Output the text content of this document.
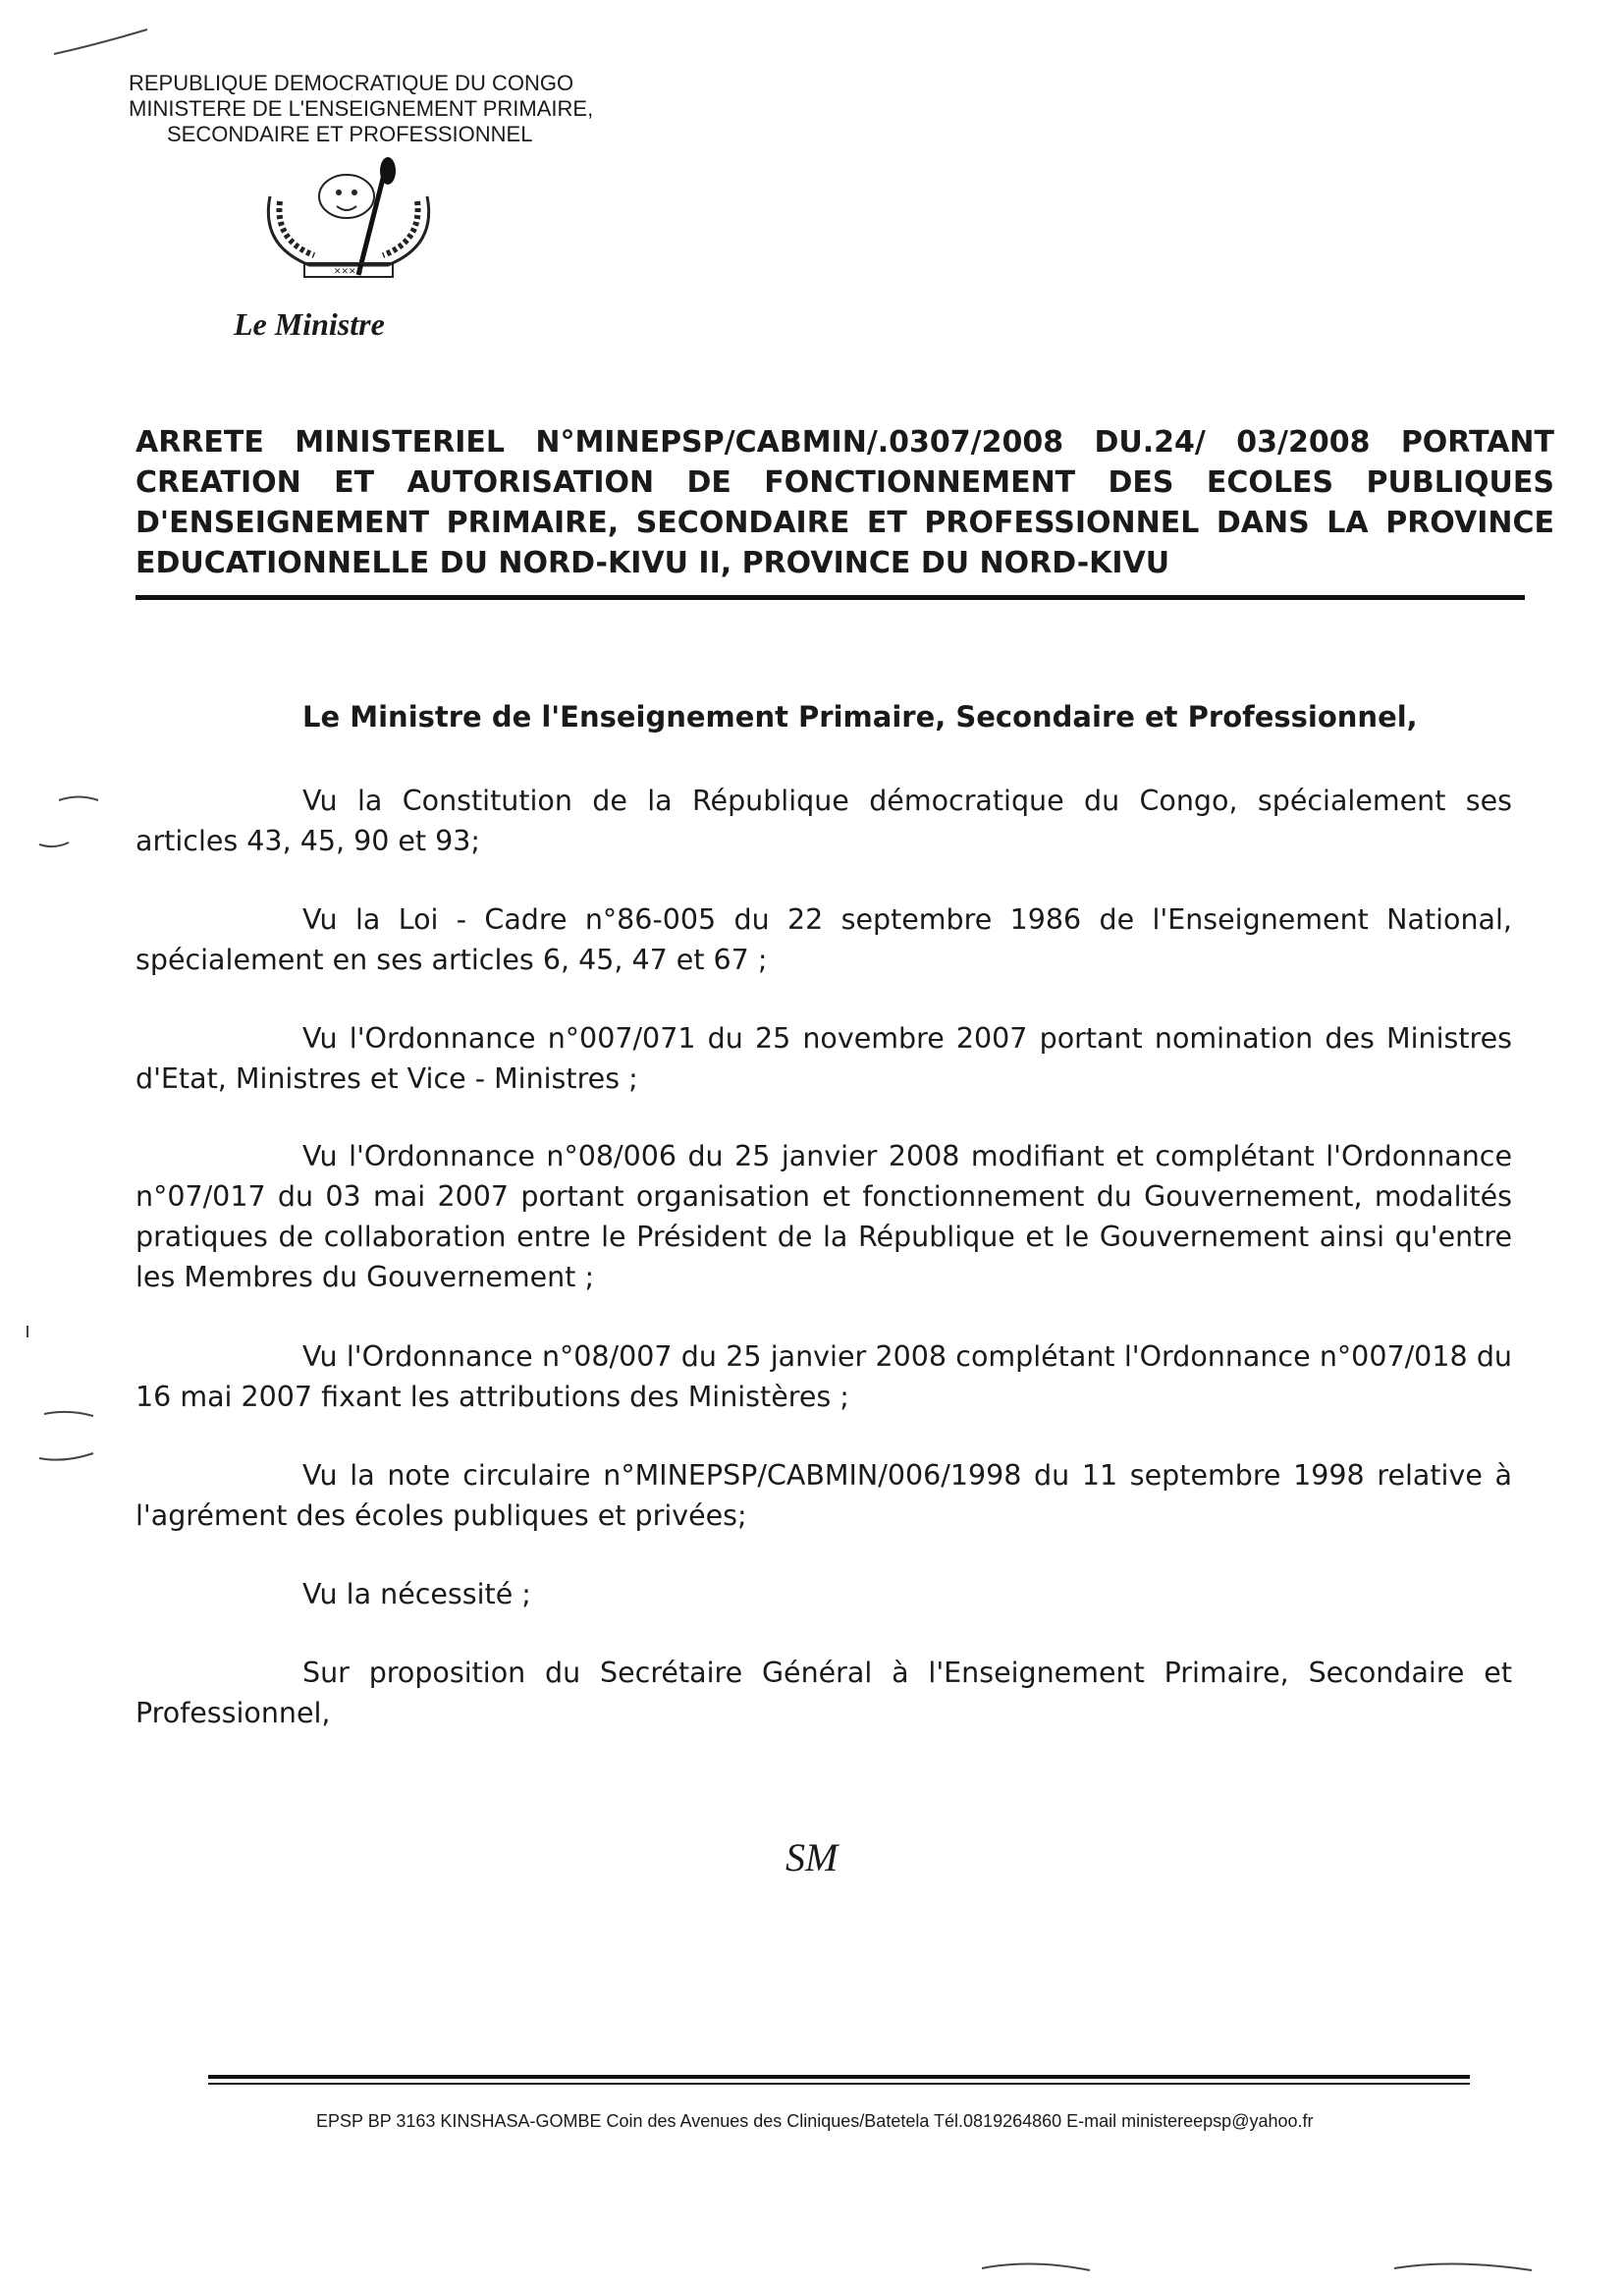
REPUBLIQUE DEMOCRATIQUE DU CONGO
MINISTERE DE L'ENSEIGNEMENT PRIMAIRE,
SECONDAIRE ET PROFESSIONNEL
✕✕✕✕
Le Ministre
ARRETE MINISTERIEL N°MINEPSP/CABMIN/.0307/2008 DU.24/ 03/2008 PORTANT CREATION ET AUTORISATION DE FONCTIONNEMENT DES ECOLES PUBLIQUES D'ENSEIGNEMENT PRIMAIRE, SECONDAIRE ET PROFESSIONNEL DANS LA PROVINCE EDUCATIONNELLE DU NORD-KIVU II, PROVINCE DU NORD-KIVU
Le Ministre de l'Enseignement Primaire, Secondaire et Professionnel,

Vu la Constitution de la République démocratique du Congo, spécialement ses articles 43, 45, 90 et 93;

Vu la Loi - Cadre n°86-005 du 22 septembre 1986 de l'Enseignement National, spécialement en ses articles 6, 45, 47 et 67 ;

Vu l'Ordonnance n°007/071 du 25 novembre 2007 portant nomination des Ministres d'Etat, Ministres et Vice - Ministres ;

Vu l'Ordonnance n°08/006 du 25 janvier 2008 modifiant et complétant l'Ordonnance n°07/017 du 03 mai 2007 portant organisation et fonctionnement du Gouvernement, modalités pratiques de collaboration entre le Président de la République et le Gouvernement ainsi qu'entre les Membres du Gouvernement ;

Vu l'Ordonnance n°08/007 du 25 janvier 2008 complétant l'Ordonnance n°007/018 du 16 mai 2007 fixant les attributions des Ministères ;

Vu la note circulaire n°MINEPSP/CABMIN/006/1998 du 11 septembre 1998 relative à l'agrément des écoles publiques et privées;

Vu la nécessité ;

Sur proposition du Secrétaire Général à l'Enseignement Primaire, Secondaire et Professionnel,

SM
EPSP BP 3163 KINSHASA-GOMBE Coin des Avenues des Cliniques/Batetela Tél.0819264860 E-mail ministereepsp@yahoo.fr
